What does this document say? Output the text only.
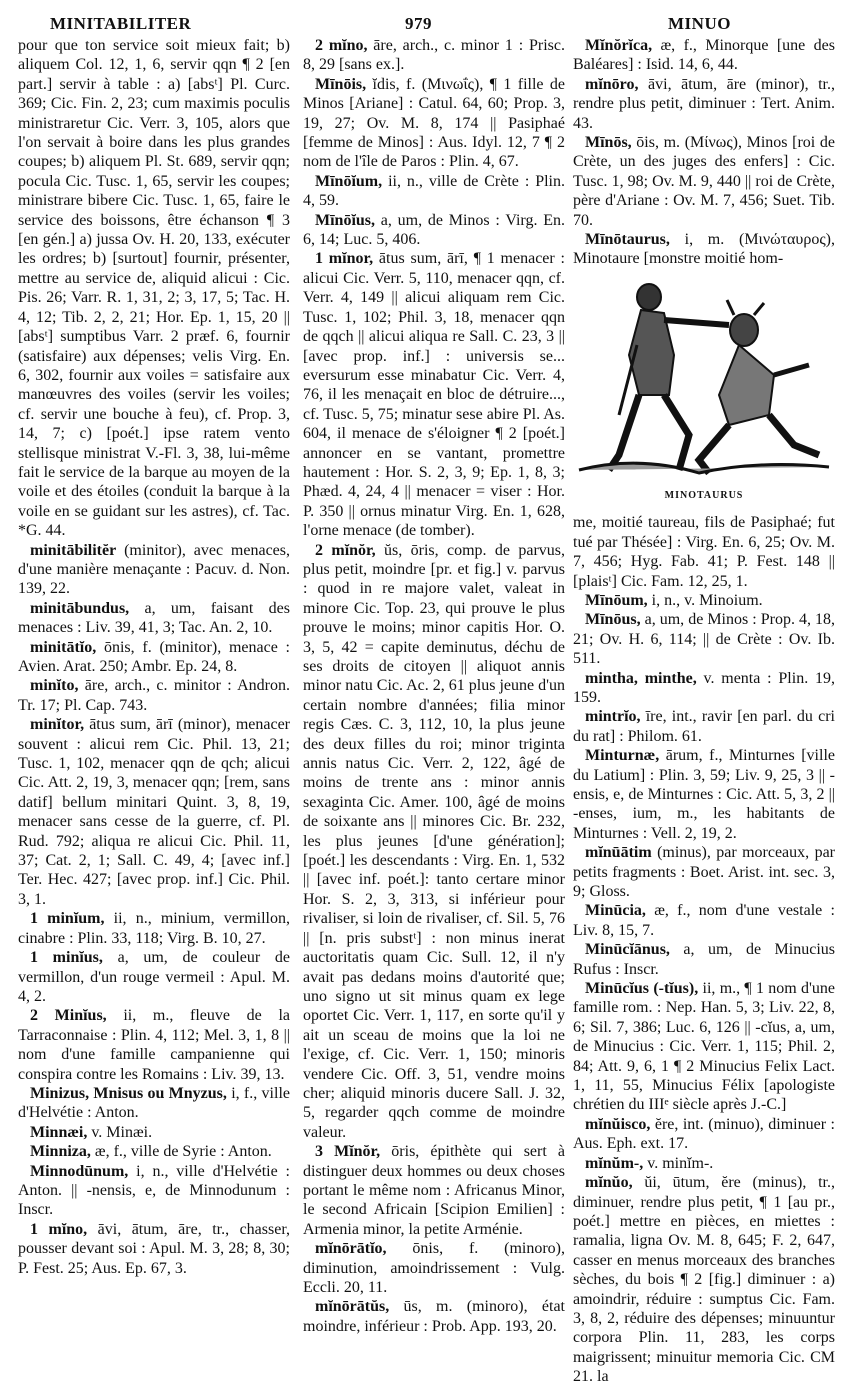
MINITABILITER	979	MINUO

pour que ton service soit mieux fait; b) aliquem Col. 12, 1, 6, servir qqn ¶ 2 [en part.] servir à table : a) [absᵗ] Pl. Curc. 369; Cic. Fin. 2, 23; cum maximis poculis ministraretur Cic. Verr. 3, 105, alors que l'on servait à boire dans les plus grandes coupes; b) aliquem Pl. St. 689, servir qqn; pocula Cic. Tusc. 1, 65, servir les coupes; ministrare bibere Cic. Tusc. 1, 65, faire le service des boissons, être échanson ¶ 3 [en gén.] a) jussa Ov. H. 20, 133, exécuter les ordres; b) [surtout] fournir, présenter, mettre au service de, aliquid alicui : Cic. Pis. 26; Varr. R. 1, 31, 2; 3, 17, 5; Tac. H. 4, 12; Tib. 2, 2, 21; Hor. Ep. 1, 15, 20 || [absᵗ] sumptibus Varr. 2 præf. 6, fournir (satisfaire) aux dépenses; velis Virg. En. 6, 302, fournir aux voiles = satisfaire aux manœuvres des voiles (servir les voiles; cf. servir une bouche à feu), cf. Prop. 3, 14, 7; c) [poét.] ipse ratem vento stellisque ministrat V.-Fl. 3, 38, lui-même fait le service de la barque au moyen de la voile et des étoiles (conduit la barque à la voile en se guidant sur les astres), cf. Tac. *G. 44.

minitābilitĕr (minitor), avec menaces, d'une manière menaçante : Pacuv. d. Non. 139, 22.

minitābundus, a, um, faisant des menaces : Liv. 39, 41, 3; Tac. An. 2, 10.

minitātĭo, ōnis, f. (minitor), menace : Avien. Arat. 250; Ambr. Ep. 24, 8.

minĭto, āre, arch., c. minitor : Andron. Tr. 17; Pl. Cap. 743.

minĭtor, ātus sum, ārī (minor), menacer souvent : alicui rem Cic. Phil. 13, 21; Tusc. 1, 102, menacer qqn de qch; alicui Cic. Att. 2, 19, 3, menacer qqn; [rem, sans datif] bellum minitari Quint. 3, 8, 19, menacer sans cesse de la guerre, cf. Pl. Rud. 792; aliqua re alicui Cic. Phil. 11, 37; Cat. 2, 1; Sall. C. 49, 4; [avec inf.] Ter. Hec. 427; [avec prop. inf.] Cic. Phil. 3, 1.

1 minĭum, ii, n., minium, vermillon, cinabre : Plin. 33, 118; Virg. B. 10, 27.

1 minĭus, a, um, de couleur de vermillon, d'un rouge vermeil : Apul. M. 4, 2.

2 Minĭus, ii, m., fleuve de la Tarraconnaise : Plin. 4, 112; Mel. 3, 1, 8 || nom d'une famille campanienne qui conspira contre les Romains : Liv. 39, 13.

Minizus, Mnisus ou Mnyzus, i, f., ville d'Helvétie : Anton.

Minnæi, v. Minæi.

Minniza, æ, f., ville de Syrie : Anton.

Minnodūnum, i, n., ville d'Helvétie : Anton. || -nensis, e, de Minnodunum : Inscr.

1 mĭno, āvi, ātum, āre, tr., chasser, pousser devant soi : Apul. M. 3, 28; 8, 30; P. Fest. 25; Aus. Ep. 67, 3.

2 mĭno, āre, arch., c. minor 1 : Prisc. 8, 29 [sans ex.].

Mīnōis, ĭdis, f. (Μινωΐς), ¶ 1 fille de Minos [Ariane] : Catul. 64, 60; Prop. 3, 19, 27; Ov. M. 8, 174 || Pasiphaé [femme de Minos] : Aus. Idyl. 12, 7 ¶ 2 nom de l'île de Paros : Plin. 4, 67.

Mīnōĭum, ii, n., ville de Crète : Plin. 4, 59.

Mīnōĭus, a, um, de Minos : Virg. En. 6, 14; Luc. 5, 406.

1 mĭnor, ātus sum, ārī, ¶ 1 menacer : alicui Cic. Verr. 5, 110, menacer qqn, cf. Verr. 4, 149 || alicui aliquam rem Cic. Tusc. 1, 102; Phil. 3, 18, menacer qqn de qqch || alicui aliqua re Sall. C. 23, 3 || [avec prop. inf.] : universis se... eversurum esse minabatur Cic. Verr. 4, 76, il les menaçait en bloc de détruire..., cf. Tusc. 5, 75; minatur sese abire Pl. As. 604, il menace de s'éloigner ¶ 2 [poét.] annoncer en se vantant, promettre hautement : Hor. S. 2, 3, 9; Ep. 1, 8, 3; Phæd. 4, 24, 4 || menacer = viser : Hor. P. 350 || ornus minatur Virg. En. 1, 628, l'orne menace (de tomber).

2 mĭnŏr, ŭs, ōris, comp. de parvus, plus petit, moindre [pr. et fig.] v. parvus : quod in re majore valet, valeat in minore Cic. Top. 23, qui prouve le plus prouve le moins; minor capitis Hor. O. 3, 5, 42 = capite deminutus, déchu de ses droits de citoyen || aliquot annis minor natu Cic. Ac. 2, 61 plus jeune d'un certain nombre d'années; filia minor regis Cæs. C. 3, 112, 10, la plus jeune des deux filles du roi; minor triginta annis natus Cic. Verr. 2, 122, âgé de moins de trente ans : minor annis sexaginta Cic. Amer. 100, âgé de moins de soixante ans || minores Cic. Br. 232, les plus jeunes [d'une génération]; [poét.] les descendants : Virg. En. 1, 532 || [avec inf. poét.]: tanto certare minor Hor. S. 2, 3, 313, si inférieur pour rivaliser, si loin de rivaliser, cf. Sil. 5, 76 || [n. pris substᵗ] : non minus inerat auctoritatis quam Cic. Sull. 12, il n'y avait pas dedans moins d'autorité que; uno signo ut sit minus quam ex lege oportet Cic. Verr. 1, 117, en sorte qu'il y ait un sceau de moins que la loi ne l'exige, cf. Cic. Verr. 1, 150; minoris vendere Cic. Off. 3, 51, vendre moins cher; aliquid minoris ducere Sall. J. 32, 5, regarder qqch comme de moindre valeur.

3 Mĭnŏr, ōris, épithète qui sert à distinguer deux hommes ou deux choses portant le même nom : Africanus Minor, le second Africain [Scipion Emilien] : Armenia minor, la petite Arménie.

mĭnōrātĭo, ōnis, f. (minoro), diminution, amoindrissement : Vulg. Eccli. 20, 11.

mĭnōrātŭs, ūs, m. (minoro), état moindre, inférieur : Prob. App. 193, 20.

Mĭnŏrĭca, æ, f., Minorque [une des Baléares] : Isid. 14, 6, 44.

mĭnōro, āvi, ātum, āre (minor), tr., rendre plus petit, diminuer : Tert. Anim. 43.

Mīnōs, ōis, m. (Μίνως), Minos [roi de Crète, un des juges des enfers] : Cic. Tusc. 1, 98; Ov. M. 9, 440 || roi de Crète, père d'Ariane : Ov. M. 7, 456; Suet. Tib. 70.

Mīnōtaurus, i, m. (Μινώταυρος), Minotaure [monstre moitié hom-

MINOTAURUS

me, moitié taureau, fils de Pasiphaé; fut tué par Thésée] : Virg. En. 6, 25; Ov. M. 7, 456; Hyg. Fab. 41; P. Fest. 148 || [plaisᵗ] Cic. Fam. 12, 25, 1.

Mīnōum, i, n., v. Minoium.

Mīnōus, a, um, de Minos : Prop. 4, 18, 21; Ov. H. 6, 114; || de Crète : Ov. Ib. 511.

mintha, minthe, v. menta : Plin. 19, 159.

mintrĭo, īre, int., ravir [en parl. du cri du rat] : Philom. 61.

Minturnæ, ārum, f., Minturnes [ville du Latium] : Plin. 3, 59; Liv. 9, 25, 3 || -ensis, e, de Minturnes : Cic. Att. 5, 3, 2 || -enses, ium, m., les habitants de Minturnes : Vell. 2, 19, 2.

mĭnūātim (minus), par morceaux, par petits fragments : Boet. Arist. int. sec. 3, 9; Gloss.

Minūcia, æ, f., nom d'une vestale : Liv. 8, 15, 7.

Minūcĭānus, a, um, de Minucius Rufus : Inscr.

Minūcĭus (-tĭus), ii, m., ¶ 1 nom d'une famille rom. : Nep. Han. 5, 3; Liv. 22, 8, 6; Sil. 7, 386; Luc. 6, 126 || -cĭus, a, um, de Minucius : Cic. Verr. 1, 115; Phil. 2, 84; Att. 9, 6, 1 ¶ 2 Minucius Felix Lact. 1, 11, 55, Minucius Félix [apologiste chrétien du IIIᵉ siècle après J.-C.]

mĭnŭisco, ĕre, int. (minuo), diminuer : Aus. Eph. ext. 17.

mĭnŭm-, v. minĭm-.

mĭnŭo, ŭi, ūtum, ĕre (minus), tr., diminuer, rendre plus petit, ¶ 1 [au pr., poét.] mettre en pièces, en miettes : ramalia, ligna Ov. M. 8, 645; F. 2, 647, casser en menus morceaux des branches sèches, du bois ¶ 2 [fig.] diminuer : a) amoindrir, réduire : sumptus Cic. Fam. 3, 8, 2, réduire des dépenses; minuuntur corpora Plin. 11, 283, les corps maigrissent; minuitur memoria Cic. CM 21. la
